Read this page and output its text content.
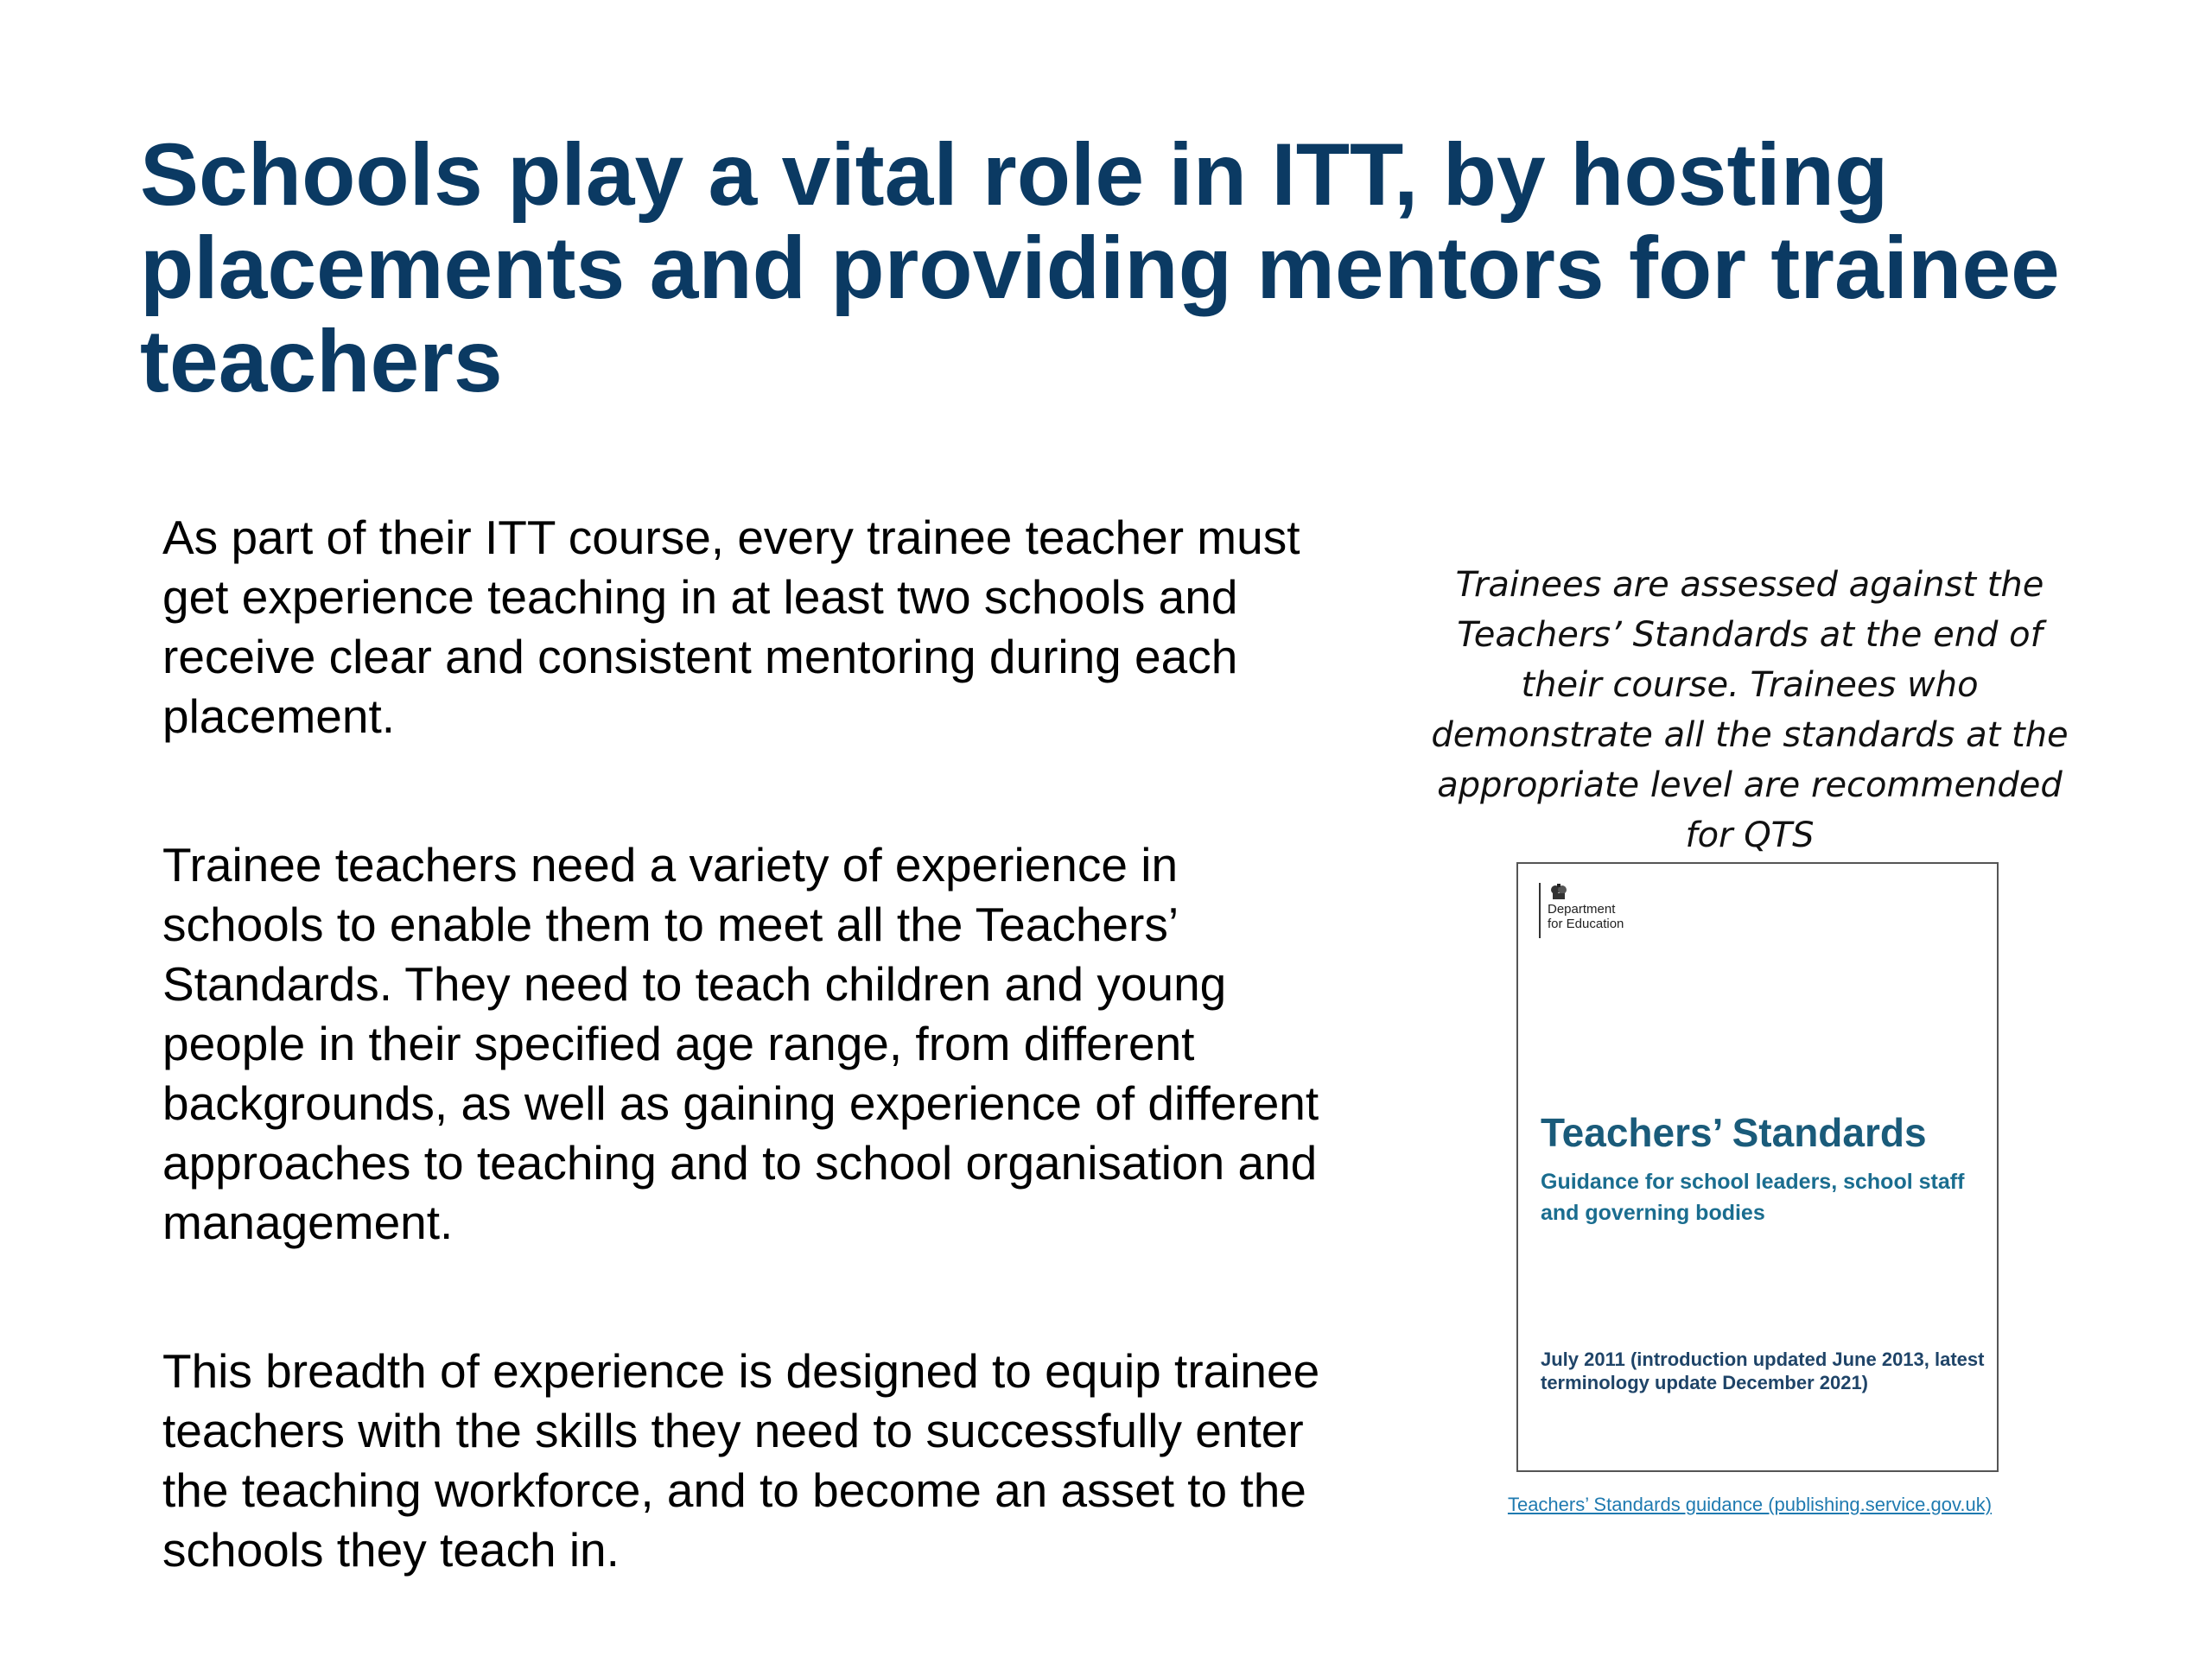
Schools play a vital role in ITT, by hosting placements and providing mentors for trainee teachers

As part of their ITT course, every trainee teacher must get experience teaching in at least two schools and receive clear and consistent mentoring during each placement.

Trainee teachers need a variety of experience in schools to enable them to meet all the Teachers’ Standards. They need to teach children and young people in their specified age range, from different backgrounds, as well as gaining experience of different approaches to teaching and to school organisation and management.

This breadth of experience is designed to equip trainee teachers with the skills they need to successfully enter the teaching workforce, and to become an asset to the schools they teach in.

Trainees are assessed against the Teachers’ Standards at the end of their course. Trainees who demonstrate all the standards at the appropriate level are recommended for QTS

Department
for Education
Teachers’ Standards
Guidance for school leaders, school staff and governing bodies
July 2011 (introduction updated June 2013, latest terminology update December 2021)
Teachers’ Standards guidance (publishing.service.gov.uk)
